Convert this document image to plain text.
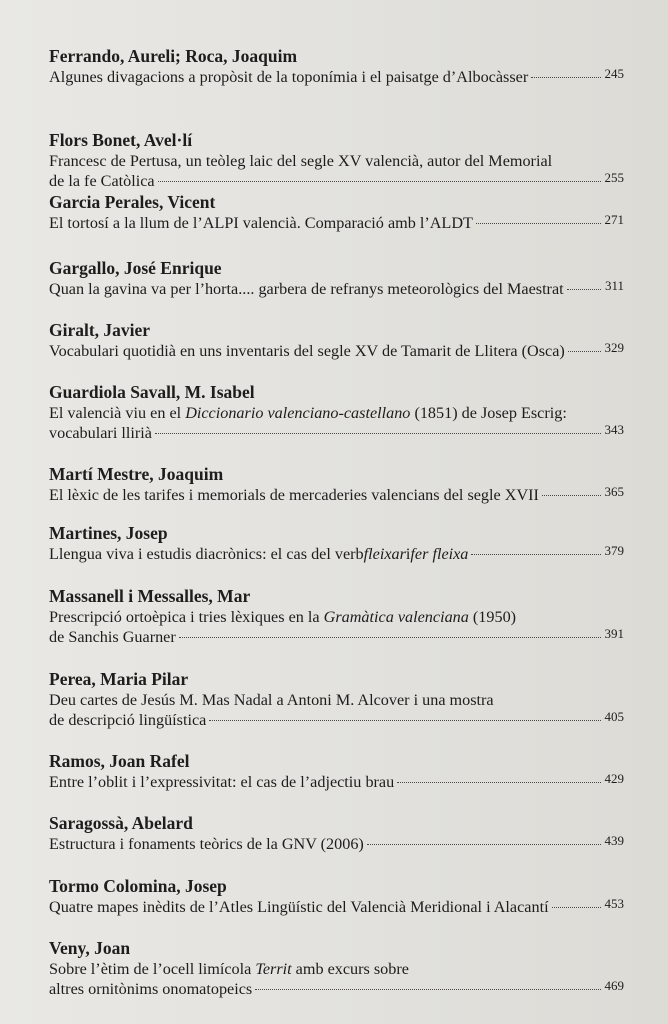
Ferrando, Aureli; Roca, Joaquim
Algunes divagacions a propòsit de la toponímia i el paisatge d’Albocàsser	245
Flors Bonet, Avel·lí
Francesc de Pertusa, un teòleg laic del segle XV valencià, autor del Memorial
de la fe Catòlica	255
Garcia Perales, Vicent
El tortosí a la llum de l’ALPI valencià. Comparació amb l’ALDT	271
Gargallo, José Enrique
Quan la gavina va per l’horta.... garbera de refranys meteorològics del Maestrat	311
Giralt, Javier
Vocabulari quotidià en uns inventaris del segle XV de Tamarit de Llitera (Osca)	329
Guardiola Savall, M. Isabel
El valencià viu en el Diccionario valenciano-castellano (1851) de Josep Escrig:
vocabulari llirià	343
Martí Mestre, Joaquim
El lèxic de les tarifes i memorials de mercaderies valencians del segle XVII	365
Martines, Josep
Llengua viva i estudis diacrònics: el cas del verb fleixar i fer fleixa	379
Massanell i Messalles, Mar
Prescripció ortoèpica i tries lèxiques en la Gramàtica valenciana (1950)
de Sanchis Guarner	391
Perea, Maria Pilar
Deu cartes de Jesús M. Mas Nadal a Antoni M. Alcover i una mostra
de descripció lingüística	405
Ramos, Joan Rafel
Entre l’oblit i l’expressivitat: el cas de l’adjectiu brau	429
Saragossà, Abelard
Estructura i fonaments teòrics de la GNV (2006)	439
Tormo Colomina, Josep
Quatre mapes inèdits de l’Atles Lingüístic del Valencià Meridional i Alacantí	453
Veny, Joan
Sobre l’ètim de l’ocell limícola Territ amb excurs sobre
altres ornitònims onomatopeics	469
